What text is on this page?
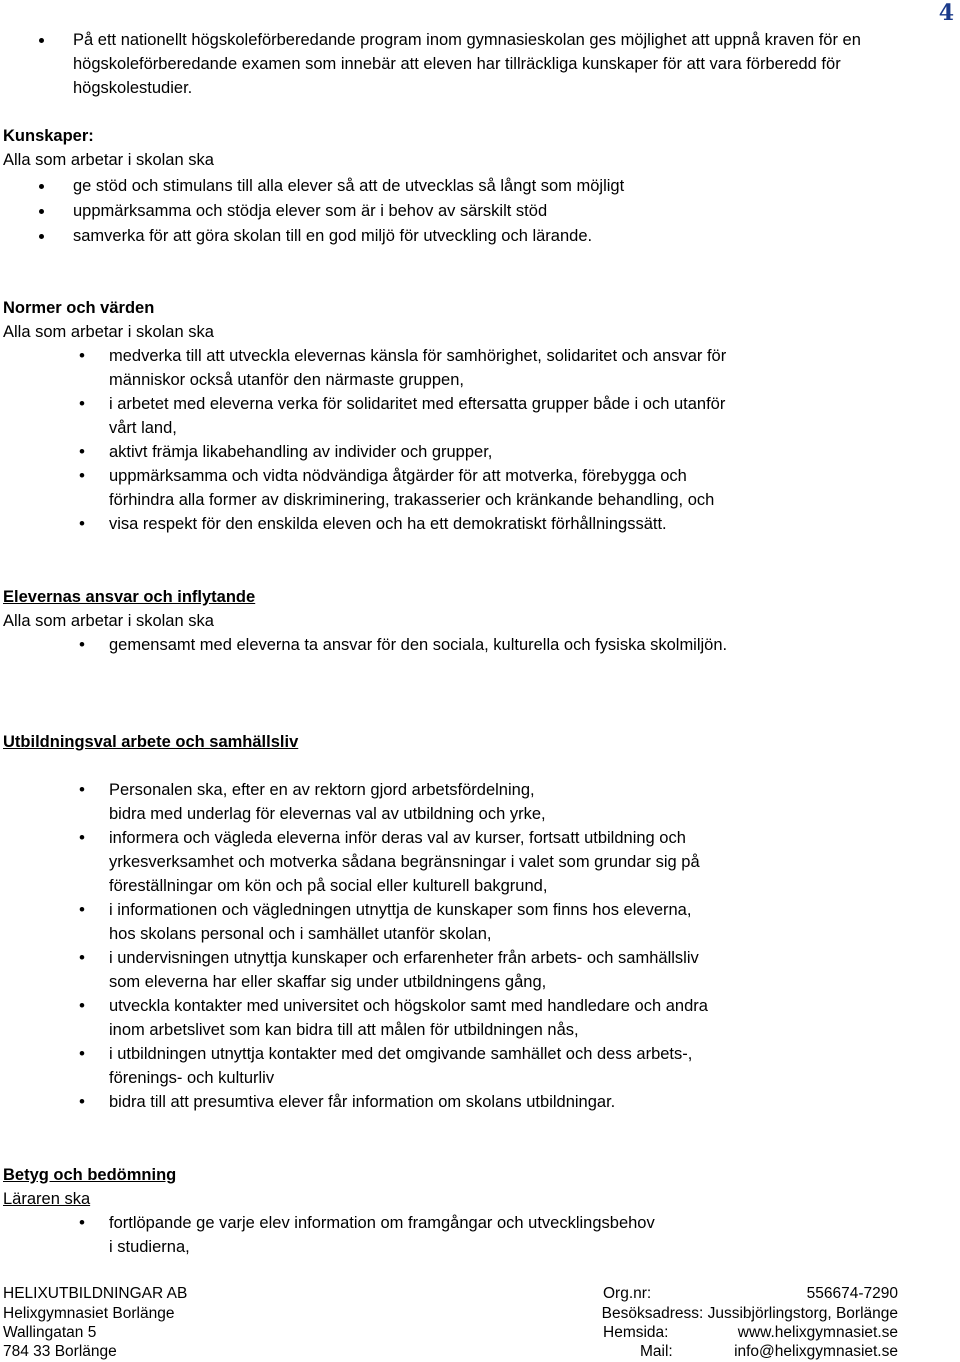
4
På ett nationellt högskoleförberedande program inom gymnasieskolan ges möjlighet att uppnå kraven för en
högskoleförberedande examen som innebär att eleven har tillräckliga kunskaper för att vara förberedd för
högskolestudier.
Kunskaper:
Alla som arbetar i skolan ska
ge stöd och stimulans till alla elever så att de utvecklas så långt som möjligt
uppmärksamma och stödja elever som är i behov av särskilt stöd
samverka för att göra skolan till en god miljö för utveckling och lärande.
Normer och värden
Alla som arbetar i skolan ska
• medverka till att utveckla elevernas känsla för samhörighet, solidaritet och ansvar för
människor också utanför den närmaste gruppen,
• i arbetet med eleverna verka för solidaritet med eftersatta grupper både i och utanför
vårt land,
• aktivt främja likabehandling av individer och grupper,
• uppmärksamma och vidta nödvändiga åtgärder för att motverka, förebygga och
förhindra alla former av diskriminering, trakasserier och kränkande behandling, och
• visa respekt för den enskilda eleven och ha ett demokratiskt förhållningssätt.
Elevernas ansvar och inflytande
Alla som arbetar i skolan ska
• gemensamt med eleverna ta ansvar för den sociala, kulturella och fysiska skolmiljön.
Utbildningsval arbete och samhällsliv
• Personalen ska, efter en av rektorn gjord arbetsfördelning,
bidra med underlag för elevernas val av utbildning och yrke,
• informera och vägleda eleverna inför deras val av kurser, fortsatt utbildning och
yrkesverksamhet och motverka sådana begränsningar i valet som grundar sig på
föreställningar om kön och på social eller kulturell bakgrund,
• i informationen och vägledningen utnyttja de kunskaper som finns hos eleverna,
hos skolans personal och i samhället utanför skolan,
• i undervisningen utnyttja kunskaper och erfarenheter från arbets- och samhällsliv
som eleverna har eller skaffar sig under utbildningens gång,
• utveckla kontakter med universitet och högskolor samt med handledare och andra
inom arbetslivet som kan bidra till att målen för utbildningen nås,
• i utbildningen utnyttja kontakter med det omgivande samhället och dess arbets-,
förenings- och kulturliv
• bidra till att presumtiva elever får information om skolans utbildningar.
Betyg och bedömning
Läraren ska
• fortlöpande ge varje elev information om framgångar och utvecklingsbehov
i studierna,
HELIXUTBILDNINGAR AB	Org.nr:	556674-7290
Helixgymnasiet Borlänge	Besöksadress: Jussibjörlingstorg, Borlänge
Wallingatan 5	Hemsida:	www.helixgymnasiet.se
784 33 Borlänge	Mail:	info@helixgymnasiet.se
